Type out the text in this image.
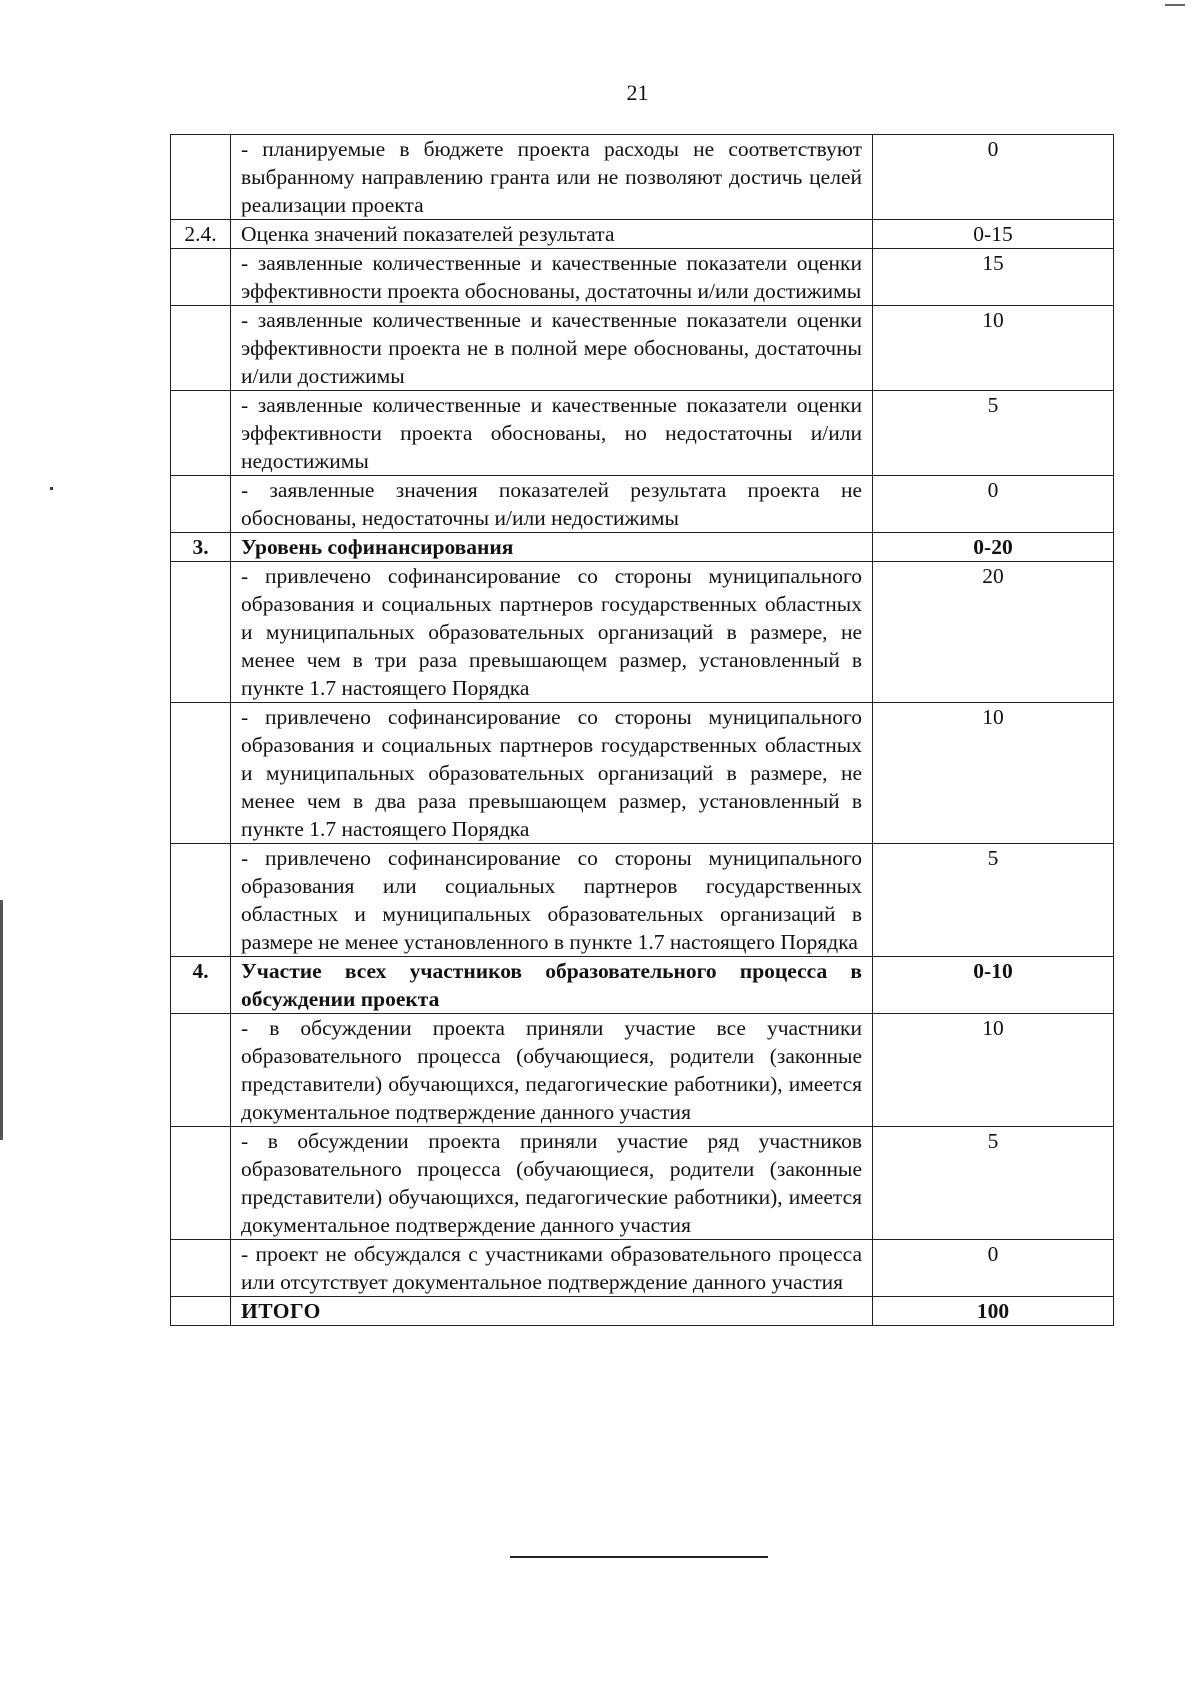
21
	- планируемые в бюджете проекта расходы не соответствуют выбранному направлению гранта или не позволяют достичь целей реализации проекта	0
2.4.	Оценка значений показателей результата	0-15
	- заявленные количественные и качественные показатели оценки эффективности проекта обоснованы, достаточны и/или достижимы	15
	- заявленные количественные и качественные показатели оценки эффективности проекта не в полной мере обоснованы, достаточны и/или достижимы	10
	- заявленные количественные и качественные показатели оценки эффективности проекта обоснованы, но недостаточны и/или недостижимы	5
	- заявленные значения показателей результата проекта не обоснованы, недостаточны и/или недостижимы	0
3.	Уровень софинансирования	0-20
	- привлечено софинансирование со стороны муниципального образования и социальных партнеров государственных областных и муниципальных образовательных организаций в размере, не менее чем в три раза превышающем размер, установленный в пункте 1.7 настоящего Порядка	20
	- привлечено софинансирование со стороны муниципального образования и социальных партнеров государственных областных и муниципальных образовательных организаций в размере, не менее чем в два раза превышающем размер, установленный в пункте 1.7 настоящего Порядка	10
	- привлечено софинансирование со стороны муниципального образования или социальных партнеров государственных областных и муниципальных образовательных организаций в размере не менее установленного в пункте 1.7 настоящего Порядка	5
4.	Участие всех участников образовательного процесса в обсуждении проекта	0-10
	- в обсуждении проекта приняли участие все участники образовательного процесса (обучающиеся, родители (законные представители) обучающихся, педагогические работники), имеется документальное подтверждение данного участия	10
	- в обсуждении проекта приняли участие ряд участников образовательного процесса (обучающиеся, родители (законные представители) обучающихся, педагогические работники), имеется документальное подтверждение данного участия	5
	- проект не обсуждался с участниками образовательного процесса или отсутствует документальное подтверждение данного участия	0
	ИТОГО	100
